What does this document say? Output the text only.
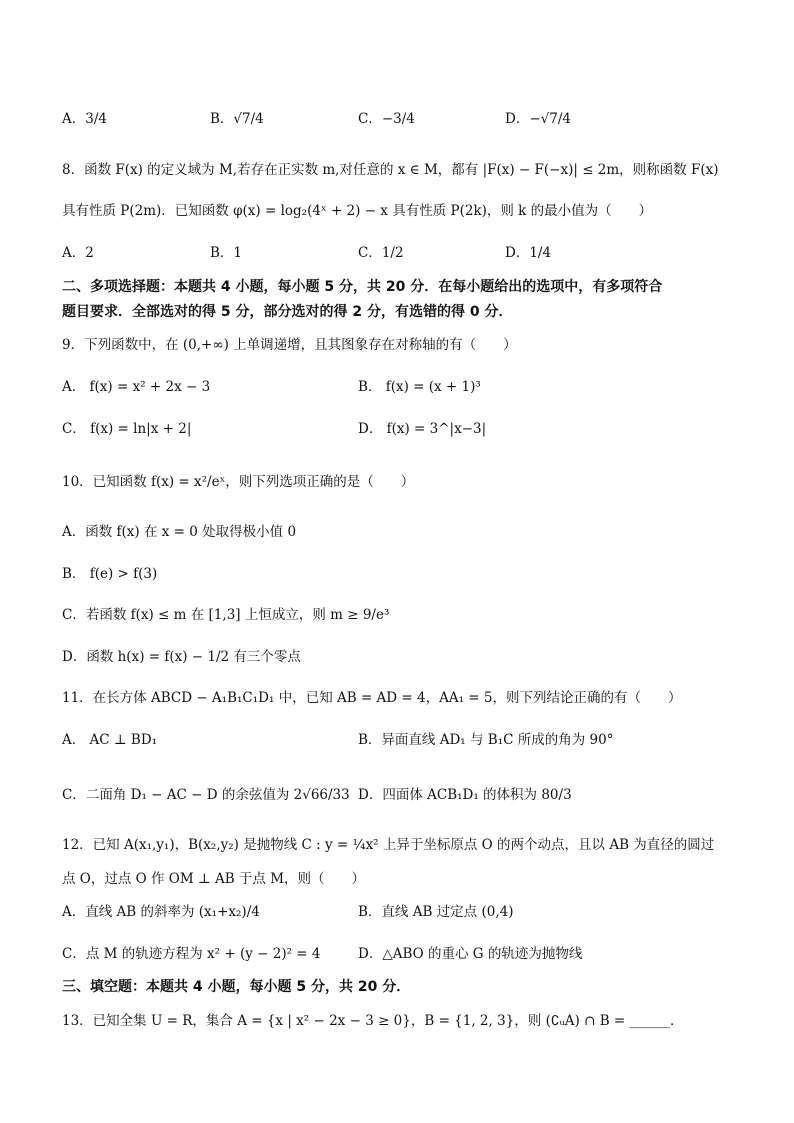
A．3/4	B．√7/4	C．−3/4	D．−√7/4
8．函数 F(x) 的定义域为 M,若存在正实数 m,对任意的 x ∈ M，都有 |F(x) − F(−x)| ≤ 2m，则称函数 F(x)
具有性质 P(2m)．已知函数 φ(x) = log₂(4ˣ + 2) − x 具有性质 P(2k)，则 k 的最小值为（　　）
A．2	B．1	C．1/2	D．1/4
二、多项选择题：本题共 4 小题，每小题 5 分，共 20 分．在每小题给出的选项中，有多项符合
题目要求．全部选对的得 5 分，部分选对的得 2 分，有选错的得 0 分．
9．下列函数中，在 (0,+∞) 上单调递增，且其图象存在对称轴的有（　　）
A． f(x) = x² + 2x − 3	B． f(x) = (x + 1)³
C． f(x) = ln|x + 2|	D． f(x) = 3^|x−3|
10．已知函数 f(x) = x²/eˣ，则下列选项正确的是（　　）
A．函数 f(x) 在 x = 0 处取得极小值 0
B． f(e) > f(3)
C．若函数 f(x) ≤ m 在 [1,3] 上恒成立，则 m ≥ 9/e³
D．函数 h(x) = f(x) − 1/2 有三个零点
11．在长方体 ABCD − A₁B₁C₁D₁ 中，已知 AB = AD = 4，AA₁ = 5，则下列结论正确的有（　　）
A． AC ⊥ BD₁	B．异面直线 AD₁ 与 B₁C 所成的角为 90°
C．二面角 D₁ − AC − D 的余弦值为 2√66/33 D．四面体 ACB₁D₁ 的体积为 80/3
12．已知 A(x₁,y₁)，B(x₂,y₂) 是抛物线 C : y = ¼x² 上异于坐标原点 O 的两个动点，且以 AB 为直径的圆过
点 O，过点 O 作 OM ⊥ AB 于点 M，则（　　）
A．直线 AB 的斜率为 (x₁+x₂)/4	B．直线 AB 过定点 (0,4)
C．点 M 的轨迹方程为 x² + (y − 2)² = 4	D．△ABO 的重心 G 的轨迹为抛物线
三、填空题：本题共 4 小题，每小题 5 分，共 20 分．
13．已知全集 U = R，集合 A = {x | x² − 2x − 3 ≥ 0}，B = {1, 2, 3}，则 (∁ᵤA) ∩ B = ______．
